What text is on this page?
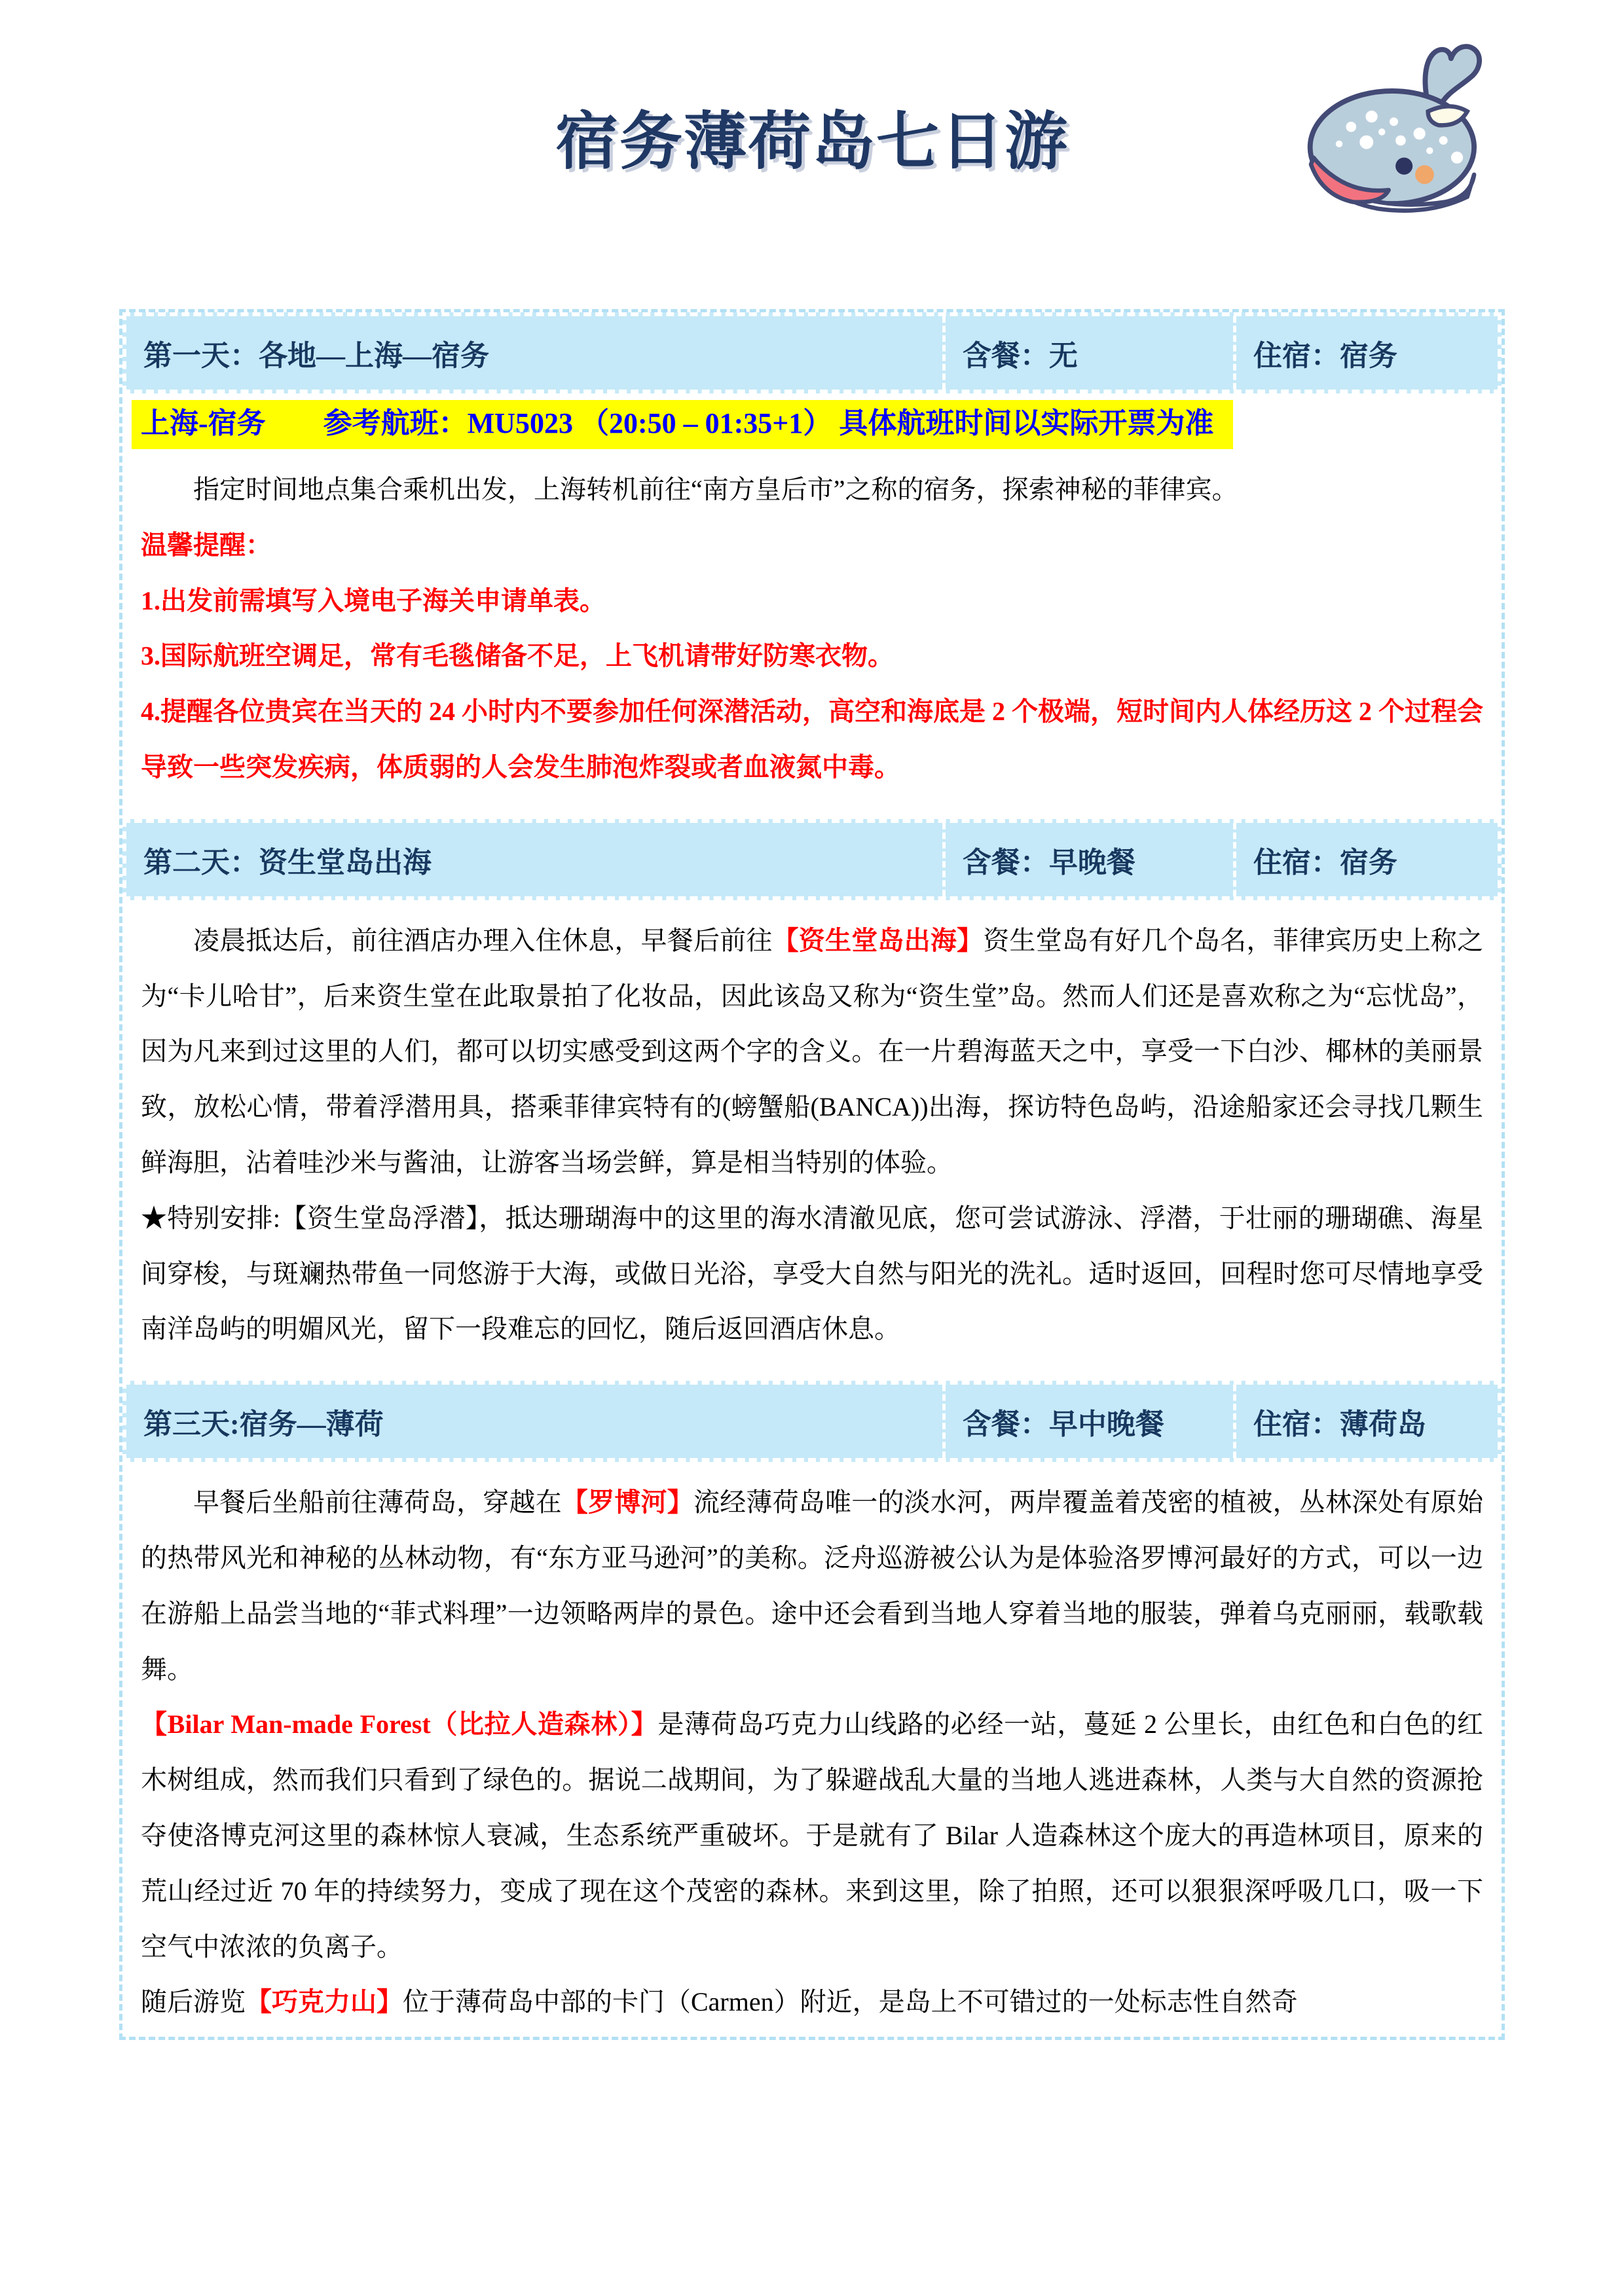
宿务薄荷岛七日游
第一天：各地—上海—宿务	含餐：无	住宿：宿务
上海-宿务 参考航班：MU5023 （20:50 – 01:35+1） 具体航班时间以实际开票为准

指定时间地点集合乘机出发，上海转机前往“南方皇后市”之称的宿务，探索神秘的菲律宾。

温馨提醒：

1.出发前需填写入境电子海关申请单表。

3.国际航班空调足，常有毛毯储备不足，上飞机请带好防寒衣物。

4.提醒各位贵宾在当天的 24 小时内不要参加任何深潜活动，高空和海底是 2 个极端，短时间内人体经历这 2 个过程会导致一些突发疾病，体质弱的人会发生肺泡炸裂或者血液氮中毒。

第二天：资生堂岛出海	含餐：早晚餐	住宿：宿务

凌晨抵达后，前往酒店办理入住休息，早餐后前往【资生堂岛出海】资生堂岛有好几个岛名，菲律宾历史上称之为“卡儿哈甘”，后来资生堂在此取景拍了化妆品，因此该岛又称为“资生堂”岛。然而人们还是喜欢称之为“忘忧岛”，因为凡来到过这里的人们，都可以切实感受到这两个字的含义。在一片碧海蓝天之中，享受一下白沙、椰林的美丽景致，放松心情，带着浮潜用具，搭乘菲律宾特有的(螃蟹船(BANCA))出海，探访特色岛屿，沿途船家还会寻找几颗生鲜海胆，沾着哇沙米与酱油，让游客当场尝鲜，算是相当特别的体验。

★特别安排:【资生堂岛浮潜】，抵达珊瑚海中的这里的海水清澈见底，您可尝试游泳、浮潜，于壮丽的珊瑚礁、海星间穿梭，与斑斓热带鱼一同悠游于大海，或做日光浴，享受大自然与阳光的洗礼。适时返回，回程时您可尽情地享受南洋岛屿的明媚风光，留下一段难忘的回忆，随后返回酒店休息。

第三天:宿务—薄荷	含餐：早中晚餐	住宿：薄荷岛

早餐后坐船前往薄荷岛，穿越在【罗博河】流经薄荷岛唯一的淡水河，两岸覆盖着茂密的植被，丛林深处有原始的热带风光和神秘的丛林动物，有“东方亚马逊河”的美称。泛舟巡游被公认为是体验洛罗博河最好的方式，可以一边在游船上品尝当地的“菲式料理”一边领略两岸的景色。途中还会看到当地人穿着当地的服装，弹着乌克丽丽，载歌载舞。

【Bilar Man-made Forest（比拉人造森林）】是薄荷岛巧克力山线路的必经一站，蔓延 2 公里长，由红色和白色的红木树组成，然而我们只看到了绿色的。据说二战期间，为了躲避战乱大量的当地人逃进森林，人类与大自然的资源抢夺使洛博克河这里的森林惊人衰减，生态系统严重破坏。于是就有了 Bilar 人造森林这个庞大的再造林项目，原来的荒山经过近 70 年的持续努力，变成了现在这个茂密的森林。来到这里，除了拍照，还可以狠狠深呼吸几口，吸一下空气中浓浓的负离子。

随后游览【巧克力山】位于薄荷岛中部的卡门（Carmen）附近，是岛上不可错过的一处标志性自然奇
